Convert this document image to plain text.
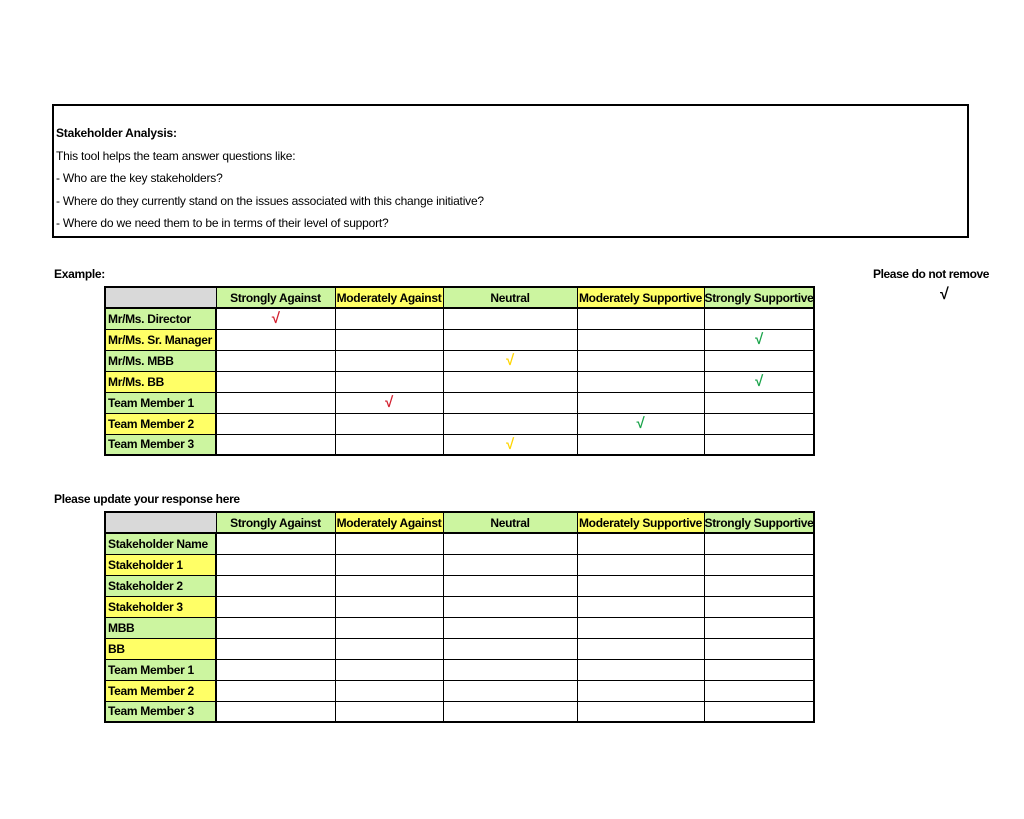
Stakeholder Analysis:
This tool helps the team answer questions like:
- Who are the key stakeholders?
- Where do they currently stand on the issues associated with this change initiative?
- Where do we need them to be in terms of their level of support?
Example:	Please do not remove
√
	Strongly Against	Moderately Against	Neutral	Moderately Supportive	Strongly Supportive
Mr/Ms. Director	√				
Mr/Ms. Sr. Manager					√
Mr/Ms. MBB			√		
Mr/Ms. BB					√
Team Member 1		√			
Team Member 2				√	
Team Member 3			√		
Please update your response here
	Strongly Against	Moderately Against	Neutral	Moderately Supportive	Strongly Supportive
Stakeholder Name					
Stakeholder 1					
Stakeholder 2					
Stakeholder 3					
MBB					
BB					
Team Member 1					
Team Member 2					
Team Member 3					
